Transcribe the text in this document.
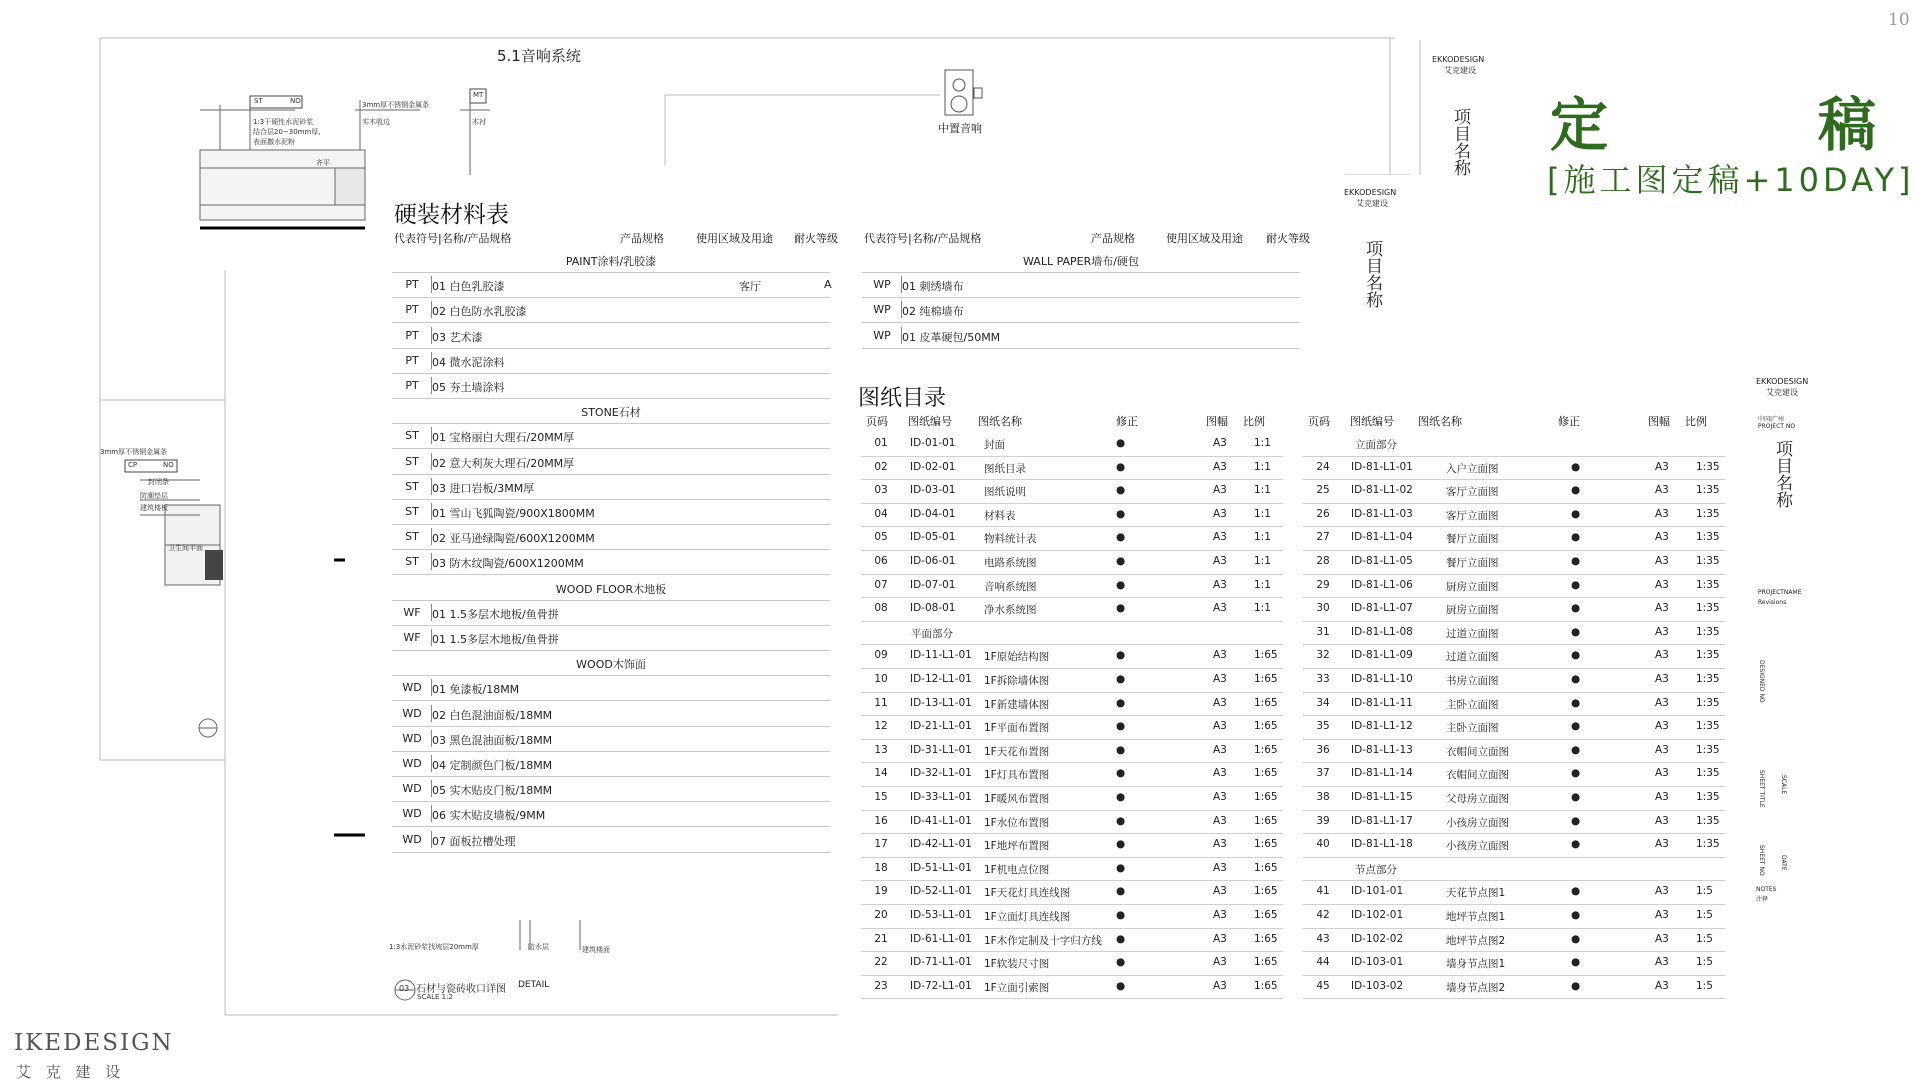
5.1音响系统
中置音响
ST	NO
CP	NO
MT
1:3干硬性水泥砂浆
结合层20~30mm厚,
表面撒水泥粉
3mm厚不锈钢金属条
实木收边	木衬
齐平
3mm厚不锈钢金属条
封闭条
防潮垫层
建筑楼板
卫生间平面
1:3水泥砂浆找坡层20mm厚	防水层	建筑楼面
03 石材与瓷砖收口详图 DETAIL
SCALE 1:2
10
硬装材料表
代表符号|名称/产品规格	产品规格	使用区域及用途 耐火等级 代表符号|名称/产品规格	产品规格	使用区域及用途 耐火等级
PAINT涂料/乳胶漆
PT	01 白色乳胶漆	客厅	A
PT	02 白色防水乳胶漆
PT	03 艺术漆
PT	04 微水泥涂料
PT	05 夯土墙涂料
STONE石材
ST	01 宝格丽白大理石/20MM厚
ST	02 意大利灰大理石/20MM厚
ST	03 进口岩板/3MM厚
ST	01 雪山飞狐陶瓷/900X1800MM
ST	02 亚马逊绿陶瓷/600X1200MM
ST	03 防木纹陶瓷/600X1200MM
WOOD FLOOR木地板
WF	01 1.5多层木地板/鱼骨拼
WF	01 1.5多层木地板/鱼骨拼
WOOD木饰面
WD 01 免漆板/18MM
WD 02 白色混油面板/18MM
WD 03 黑色混油面板/18MM
WD 04 定制颜色门板/18MM
WD 05 实木贴皮门板/18MM
WD 06 实木贴皮墙板/9MM
WD 07 面板拉槽处理
WALL PAPER墙布/硬包
WP	01 刺绣墙布
WP	02 纯棉墙布
WP	01 皮革硬包/50MM
EKKODESIGN
艾克建设
项目名称
EKKODESIGN
艾克建设
项目名称
图纸目录
页码 图纸编号 图纸名称	修正	图幅 比例	页码 图纸编号 图纸名称	修正	图幅 比例
01	ID-01-01	封面	●	A3	1:1
02	ID-02-01	图纸目录	●	A3	1:1
03	ID-03-01	图纸说明	●	A3	1:1
04	ID-04-01	材料表	●	A3	1:1
05	ID-05-01	物料统计表	●	A3	1:1
06	ID-06-01	电路系统图	●	A3	1:1
07	ID-07-01	音响系统图	●	A3	1:1
08	ID-08-01	净水系统图	●	A3	1:1
平面部分
09	ID-11-L1-01 1F原始结构图	●	A3	1:65
10	ID-12-L1-01 1F拆除墙体图	●	A3	1:65
11	ID-13-L1-01 1F新建墙体图	●	A3	1:65
12	ID-21-L1-01 1F平面布置图	●	A3	1:65
13	ID-31-L1-01 1F天花布置图	●	A3	1:65
14	ID-32-L1-01 1F灯具布置图	●	A3	1:65
15	ID-33-L1-01 1F暖风布置图	●	A3	1:65
16	ID-41-L1-01 1F水位布置图	●	A3	1:65
17	ID-42-L1-01 1F地坪布置图	●	A3	1:65
18	ID-51-L1-01 1F机电点位图	●	A3	1:65
19	ID-52-L1-01 1F天花灯具连线图	●	A3	1:65
20	ID-53-L1-01 1F立面灯具连线图	●	A3	1:65
21	ID-61-L1-01 1F木作定制及十字归方线 ●	A3	1:65
22	ID-71-L1-01 1F软装尺寸图	●	A3	1:65
23	ID-72-L1-01 1F立面引索图	●	A3	1:65
立面部分
24	ID-81-L1-01	入户立面图	●	A3	1:35
25	ID-81-L1-02	客厅立面图	●	A3	1:35
26	ID-81-L1-03	客厅立面图	●	A3	1:35
27	ID-81-L1-04	餐厅立面图	●	A3	1:35
28	ID-81-L1-05	餐厅立面图	●	A3	1:35
29	ID-81-L1-06	厨房立面图	●	A3	1:35
30	ID-81-L1-07	厨房立面图	●	A3	1:35
31	ID-81-L1-08	过道立面图	●	A3	1:35
32	ID-81-L1-09	过道立面图	●	A3	1:35
33	ID-81-L1-10	书房立面图	●	A3	1:35
34	ID-81-L1-11	主卧立面图	●	A3	1:35
35	ID-81-L1-12	主卧立面图	●	A3	1:35
36	ID-81-L1-13	衣帽间立面图	●	A3	1:35
37	ID-81-L1-14	衣帽间立面图	●	A3	1:35
38	ID-81-L1-15	父母房立面图	●	A3	1:35
39	ID-81-L1-17	小孩房立面图	●	A3	1:35
40	ID-81-L1-18	小孩房立面图	●	A3	1:35
节点部分
41	ID-101-01	天花节点图1	●	A3	1:5
42	ID-102-01	地坪节点图1	●	A3	1:5
43	ID-102-02	地坪节点图2	●	A3	1:5
44	ID-103-01	墙身节点图1	●	A3	1:5
45	ID-103-02	墙身节点图2	●	A3	1:5
EKKODESIGN
艾克建设
中国|广州
PROJECT NO
项目名称
PROJECTNAME
Revisions
DESIGNED NO
SHEET TITLE	SCALE
SHEET NO	DATE
NOTES
注释
定	稿
[施工图定稿+10DAY]
IKEDESIGN
艾 克 建 设
